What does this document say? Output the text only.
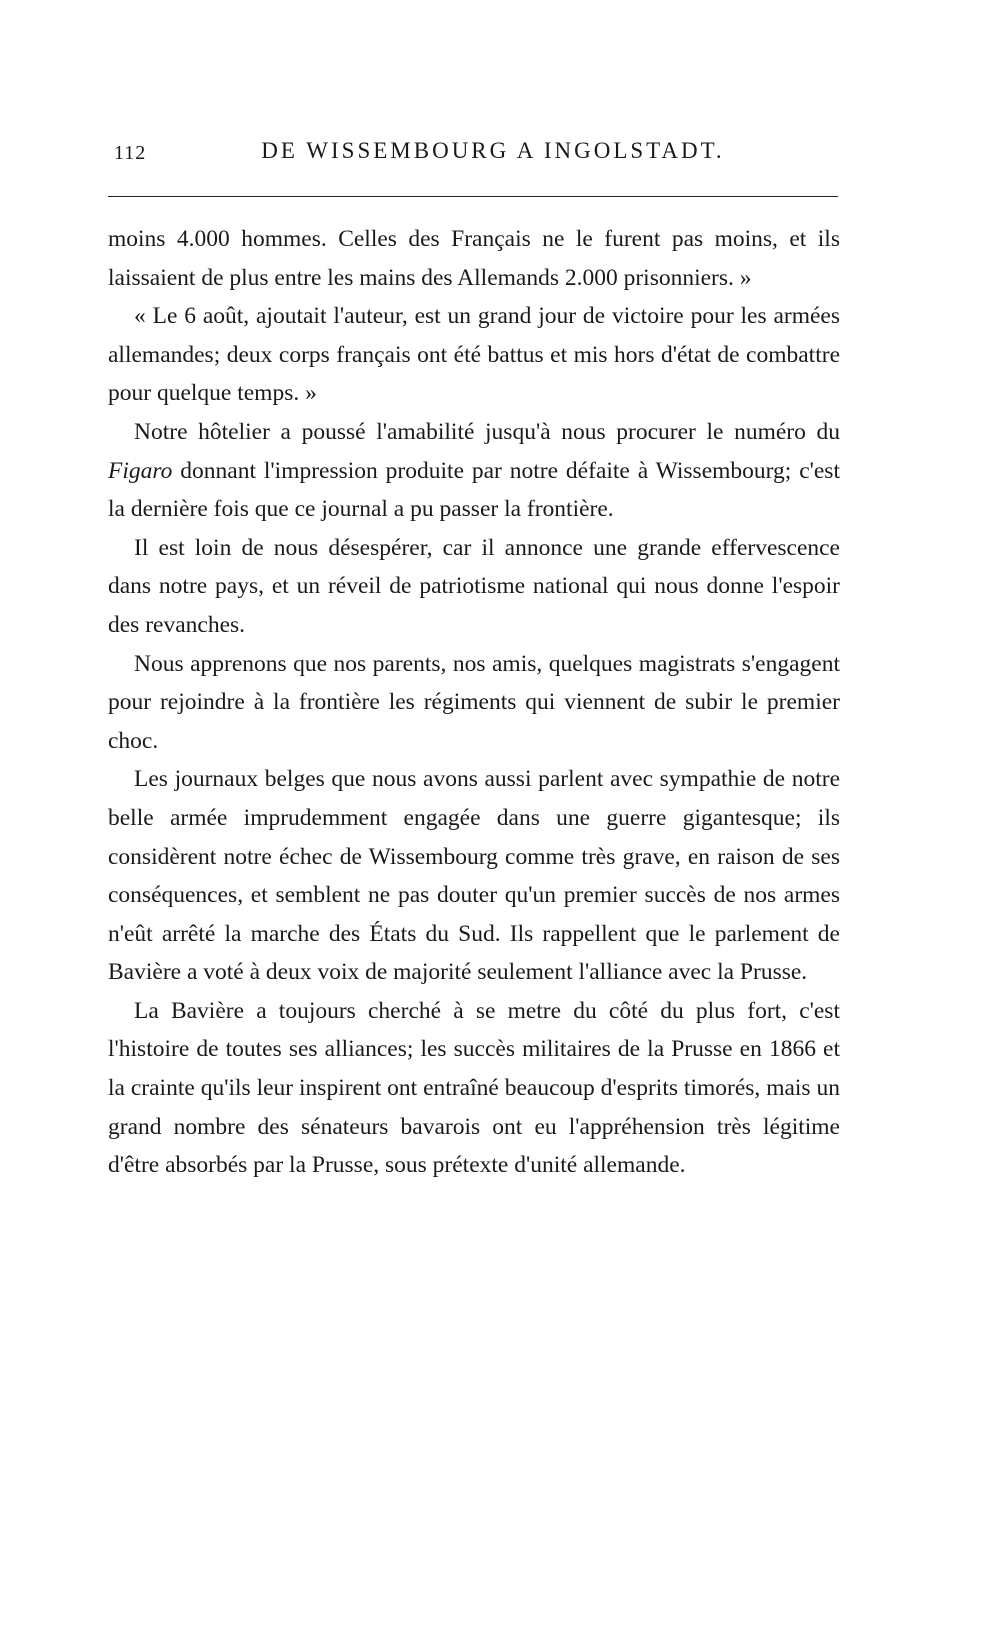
112	DE WISSEMBOURG A INGOLSTADT.

moins 4.000 hommes. Celles des Français ne le furent pas moins, et ils laissaient de plus entre les mains des Allemands 2.000 prisonniers. »

« Le 6 août, ajoutait l'auteur, est un grand jour de victoire pour les armées allemandes; deux corps français ont été battus et mis hors d'état de combattre pour quelque temps. »

Notre hôtelier a poussé l'amabilité jusqu'à nous procurer le numéro du Figaro donnant l'impression produite par notre défaite à Wissembourg; c'est la dernière fois que ce journal a pu passer la frontière.

Il est loin de nous désespérer, car il annonce une grande effervescence dans notre pays, et un réveil de patriotisme national qui nous donne l'espoir des revanches.

Nous apprenons que nos parents, nos amis, quelques magistrats s'engagent pour rejoindre à la frontière les régiments qui viennent de subir le premier choc.

Les journaux belges que nous avons aussi parlent avec sympathie de notre belle armée imprudemment engagée dans une guerre gigantesque; ils considèrent notre échec de Wissembourg comme très grave, en raison de ses conséquences, et semblent ne pas douter qu'un premier succès de nos armes n'eût arrêté la marche des États du Sud. Ils rappellent que le parlement de Bavière a voté à deux voix de majorité seulement l'alliance avec la Prusse.

La Bavière a toujours cherché à se metre du côté du plus fort, c'est l'histoire de toutes ses alliances; les succès militaires de la Prusse en 1866 et la crainte qu'ils leur inspirent ont entraîné beaucoup d'esprits timorés, mais un grand nombre des sénateurs bavarois ont eu l'appréhension très légitime d'être absorbés par la Prusse, sous prétexte d'unité allemande.
